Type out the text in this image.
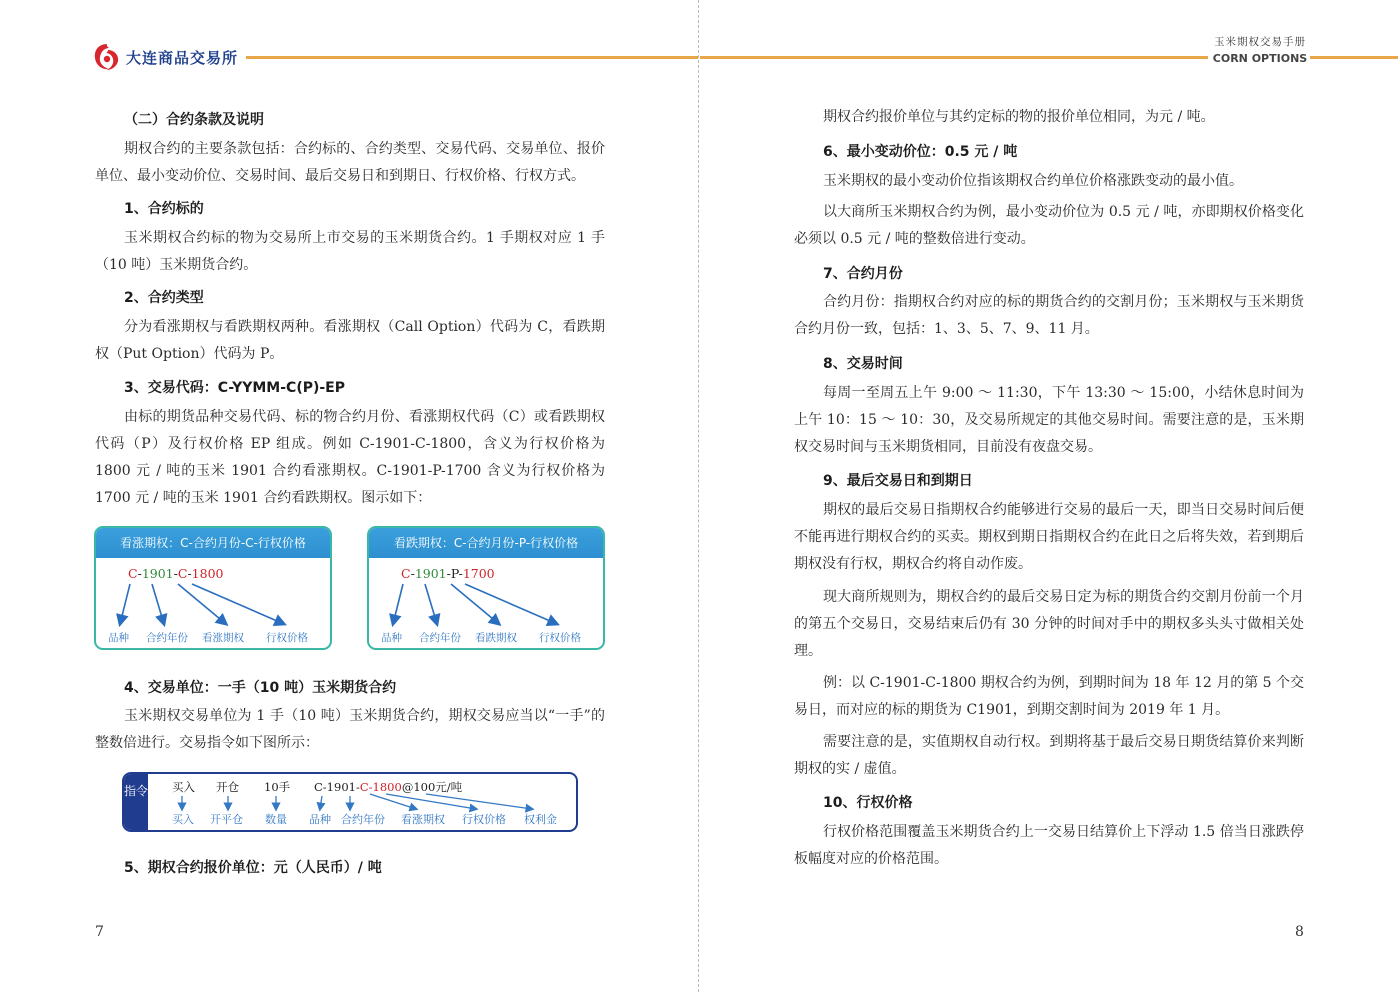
大连商品交易所
玉米期权交易手册
CORN OPTIONS
（二）合约条款及说明
期权合约的主要条款包括：合约标的、合约类型、交易代码、交易单位、报价单位、最小变动价位、交易时间、最后交易日和到期日、行权价格、行权方式。
1、合约标的
玉米期权合约标的物为交易所上市交易的玉米期货合约。1 手期权对应 1 手（10 吨）玉米期货合约。
2、合约类型
分为看涨期权与看跌期权两种。看涨期权（Call Option）代码为 C，看跌期权（Put Option）代码为 P。
3、交易代码：C-YYMM-C(P)-EP
由标的期货品种交易代码、标的物合约月份、看涨期权代码（C）或看跌期权代码（P）及行权价格 EP 组成。例如 C-1901-C-1800，含义为行权价格为 1800 元 / 吨的玉米 1901 合约看涨期权。C-1901-P-1700 含义为行权价格为 1700 元 / 吨的玉米 1901 合约看跌期权。图示如下：
看涨期权：C-合约月份-C-行权价格
C-1901-C-1800
品种 合约年份 看涨期权 行权价格
看跌期权：C-合约月份-P-行权价格
C-1901-P-1700
品种 合约年份 看跌期权 行权价格
4、交易单位：一手（10 吨）玉米期货合约
玉米期权交易单位为 1 手（10 吨）玉米期货合约，期权交易应当以“一手”的整数倍进行。交易指令如下图所示：
指令 买入 开仓 10手 C-1901-C-1800@100元/吨
买入 开平仓 数量 品种 合约年份 看涨期权 行权价格 权利金
5、期权合约报价单位：元（人民币）/ 吨
7
期权合约报价单位与其约定标的物的报价单位相同，为元 / 吨。
6、最小变动价位：0.5 元 / 吨
玉米期权的最小变动价位指该期权合约单位价格涨跌变动的最小值。
以大商所玉米期权合约为例，最小变动价位为 0.5 元 / 吨，亦即期权价格变化必须以 0.5 元 / 吨的整数倍进行变动。
7、合约月份
合约月份：指期权合约对应的标的期货合约的交割月份；玉米期权与玉米期货合约月份一致，包括：1、3、5、7、9、11 月。
8、交易时间
每周一至周五上午 9:00 ～ 11:30，下午 13:30 ～ 15:00，小结休息时间为上午 10：15 ～ 10：30，及交易所规定的其他交易时间。需要注意的是，玉米期权交易时间与玉米期货相同，目前没有夜盘交易。
9、最后交易日和到期日
期权的最后交易日指期权合约能够进行交易的最后一天，即当日交易时间后便不能再进行期权合约的买卖。期权到期日指期权合约在此日之后将失效，若到期后期权没有行权，期权合约将自动作废。
现大商所规则为，期权合约的最后交易日定为标的期货合约交割月份前一个月的第五个交易日，交易结束后仍有 30 分钟的时间对手中的期权多头头寸做相关处理。
例：以 C-1901-C-1800 期权合约为例，到期时间为 18 年 12 月的第 5 个交易日，而对应的标的期货为 C1901，到期交割时间为 2019 年 1 月。
需要注意的是，实值期权自动行权。到期将基于最后交易日期货结算价来判断期权的实 / 虚值。
10、行权价格
行权价格范围覆盖玉米期货合约上一交易日结算价上下浮动 1.5 倍当日涨跌停板幅度对应的价格范围。
8
